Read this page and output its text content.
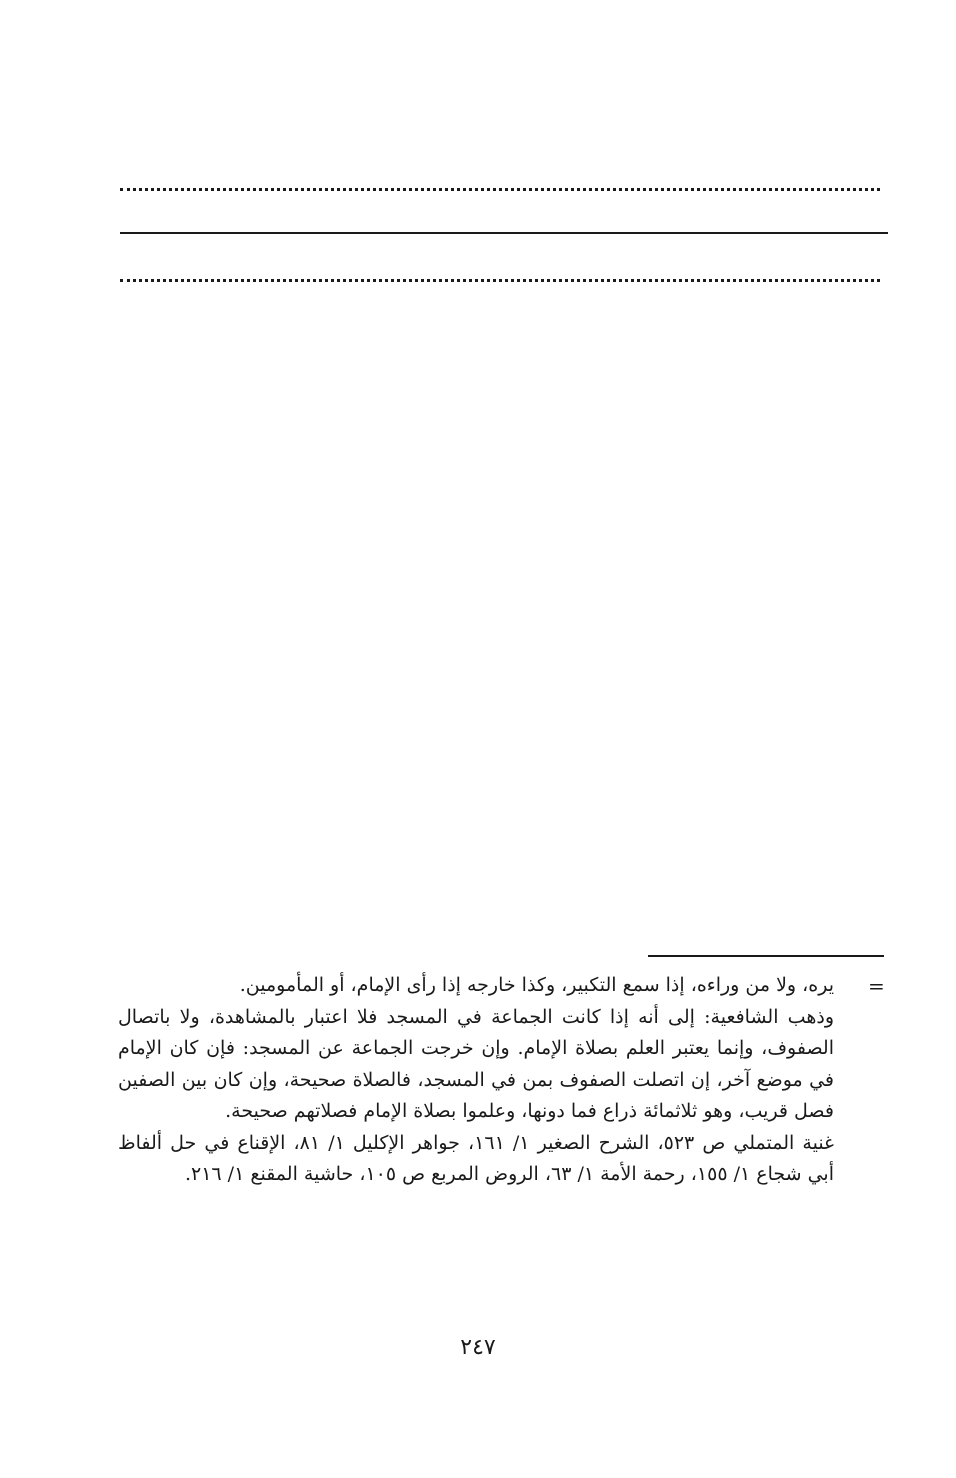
=

يره، ولا من وراءه، إذا سمع التكبير، وكذا خارجه إذا رأى الإمام، أو المأمومين.

وذهب الشافعية: إلى أنه إذا كانت الجماعة في المسجد فلا اعتبار بالمشاهدة، ولا باتصال الصفوف، وإنما يعتبر العلم بصلاة الإمام. وإن خرجت الجماعة عن المسجد: فإن كان الإمام في موضع آخر، إن اتصلت الصفوف بمن في المسجد، فالصلاة صحيحة، وإن كان بين الصفين فصل قريب، وهو ثلاثمائة ذراع فما دونها، وعلموا بصلاة الإمام فصلاتهم صحيحة.

غنية المتملي ص ٥٢٣، الشرح الصغير ١/ ١٦١، جواهر الإكليل ١/ ٨١، الإقناع في حل ألفاظ أبي شجاع ١/ ١٥٥، رحمة الأمة ١/ ٦٣، الروض المربع ص ١٠٥، حاشية المقنع ١/ ٢١٦.

٢٤٧
